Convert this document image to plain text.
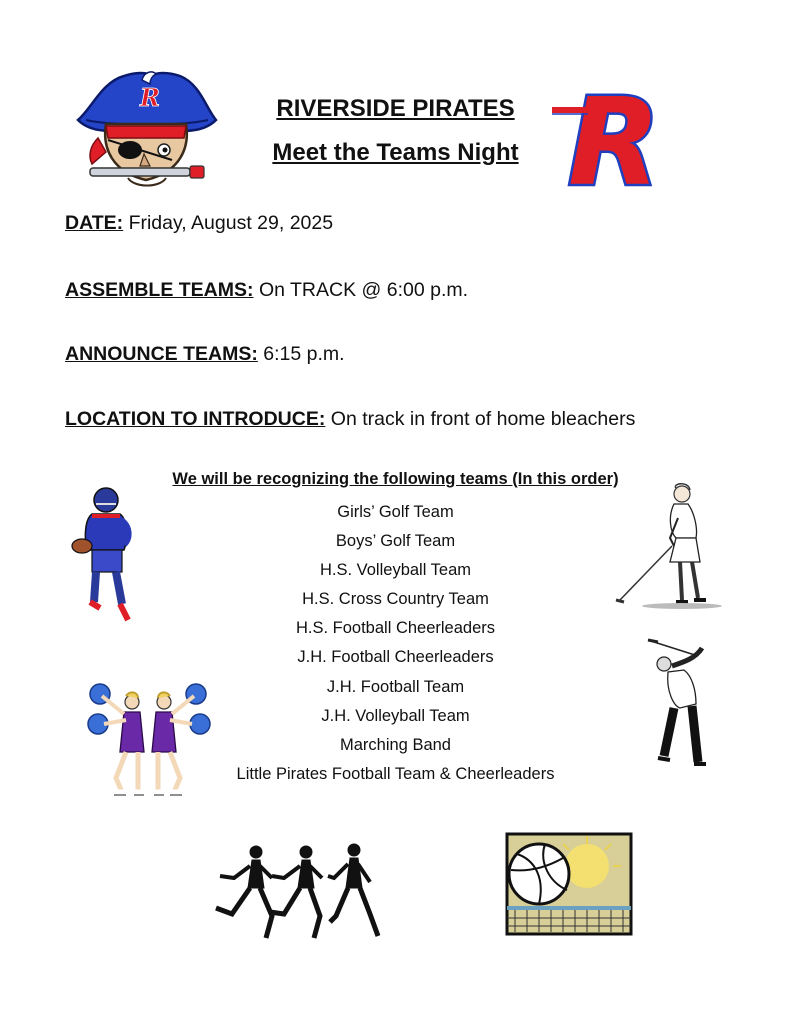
R	R
RIVERSIDE PIRATES
Meet the Teams Night
DATE: Friday, August 29, 2025
ASSEMBLE TEAMS: On TRACK @ 6:00 p.m.
ANNOUNCE TEAMS: 6:15 p.m.
LOCATION TO INTRODUCE: On track in front of home bleachers
We will be recognizing the following teams (In this order)
Girls’ Golf Team
Boys’ Golf Team
H.S. Volleyball Team
H.S. Cross Country Team
H.S. Football Cheerleaders
J.H. Football Cheerleaders
J.H. Football Team
J.H. Volleyball Team
Marching Band
Little Pirates Football Team & Cheerleaders
